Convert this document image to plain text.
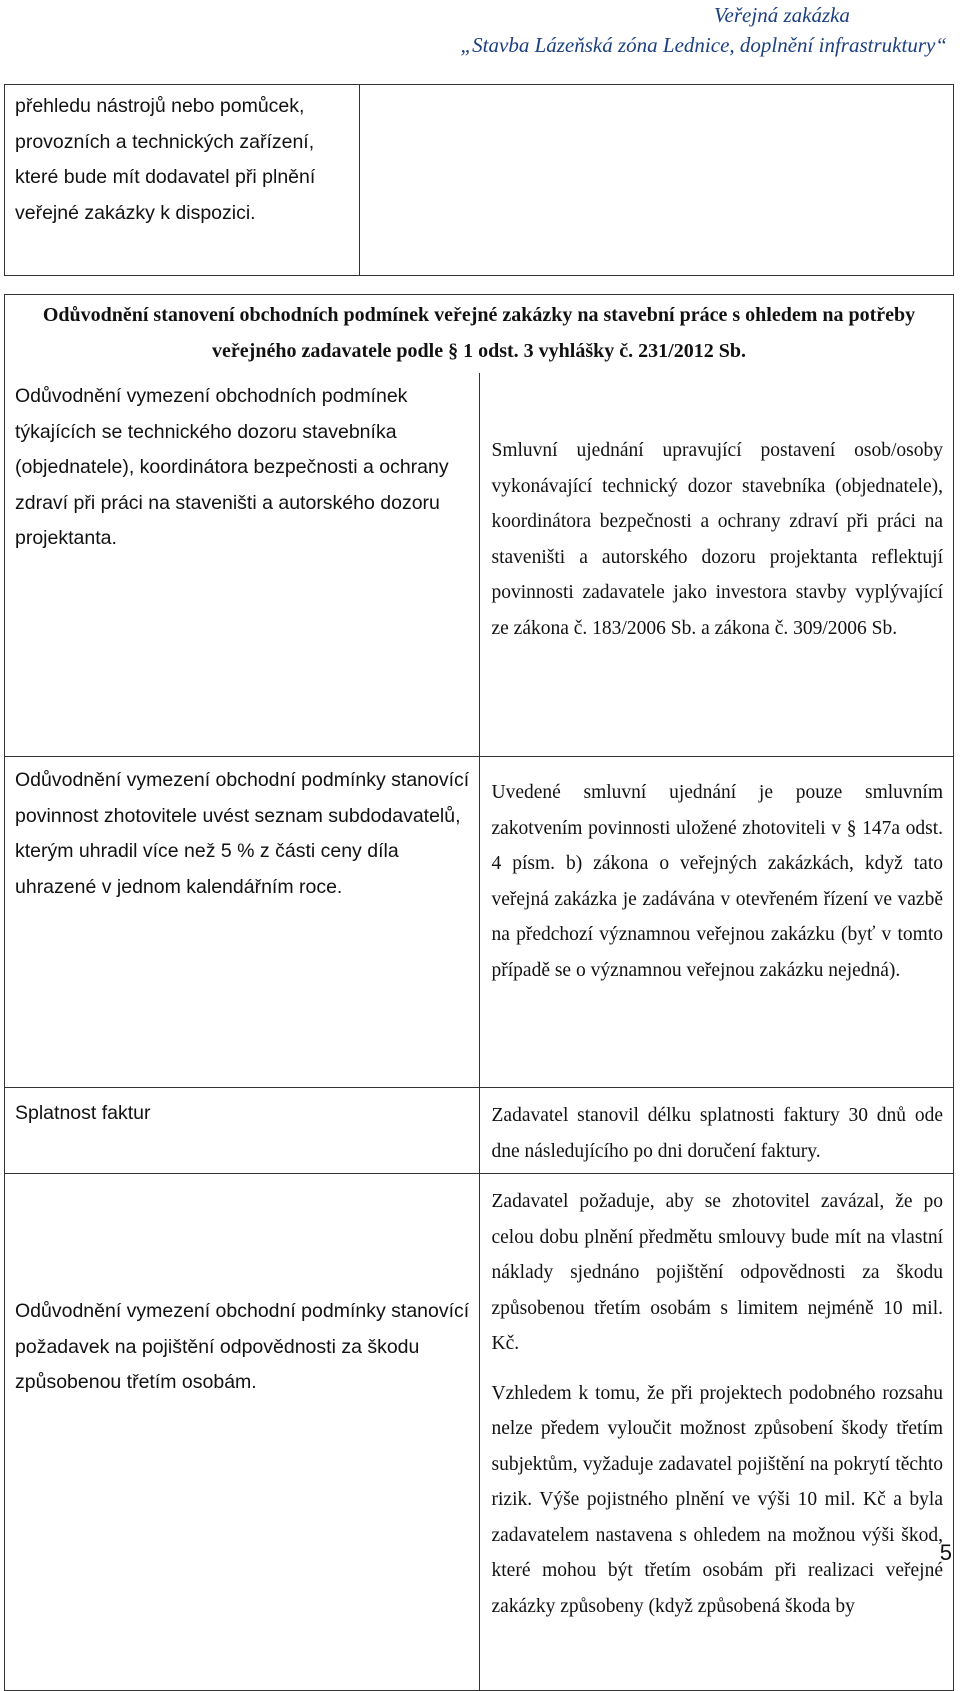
Veřejná zakázka
„Stavba Lázeňská zóna Lednice, doplnění infrastruktury“
přehledu nástrojů nebo pomůcek, provozních a technických zařízení, které bude mít dodavatel při plnění veřejné zakázky k dispozici.	
Odůvodnění stanovení obchodních podmínek veřejné zakázky na stavební práce s ohledem na potřeby veřejného zadavatele podle § 1 odst. 3 vyhlášky č. 231/2012 Sb.	
Odůvodnění vymezení obchodních podmínek týkajících se technického dozoru stavebníka (objednatele), koordinátora bezpečnosti a ochrany zdraví při práci na staveništi a autorského dozoru projektanta.	Smluvní ujednání upravující postavení osob/osoby vykonávající technický dozor stavebníka (objednatele), koordinátora bezpečnosti a ochrany zdraví při práci na staveništi a autorského dozoru projektanta reflektují povinnosti zadavatele jako investora stavby vyplývající ze zákona č. 183/2006 Sb. a zákona č. 309/2006 Sb.

Odůvodnění vymezení obchodní podmínky stanovící povinnost zhotovitele uvést seznam subdodavatelů, kterým uhradil více než 5 % z části ceny díla uhrazené v jednom kalendářním roce.	Uvedené smluvní ujednání je pouze smluvním zakotvením povinnosti uložené zhotoviteli v § 147a odst. 4 písm. b) zákona o veřejných zakázkách, když tato veřejná zakázka je zadávána v otevřeném řízení ve vazbě na předchozí významnou veřejnou zakázku (byť v tomto případě se o významnou veřejnou zakázku nejedná).

Splatnost faktur	Zadavatel stanovil délku splatnosti faktury 30 dnů ode dne následujícího po dni doručení faktury.

Odůvodnění vymezení obchodní podmínky stanovící požadavek na pojištění odpovědnosti za škodu způsobenou třetím osobám.	Zadavatel požaduje, aby se zhotovitel zavázal, že po celou dobu plnění předmětu smlouvy bude mít na vlastní náklady sjednáno pojištění odpovědnosti za škodu způsobenou třetím osobám s limitem nejméně 10 mil. Kč.

Vzhledem k tomu, že při projektech podobného rozsahu nelze předem vyloučit možnost způsobení škody třetím subjektům, vyžaduje zadavatel pojištění na pokrytí těchto rizik. Výše pojistného plnění ve výši 10 mil. Kč a byla zadavatelem nastavena s ohledem na možnou výši škod, které mohou být třetím osobám při realizaci veřejné zakázky způsobeny (když způsobená škoda by

5
